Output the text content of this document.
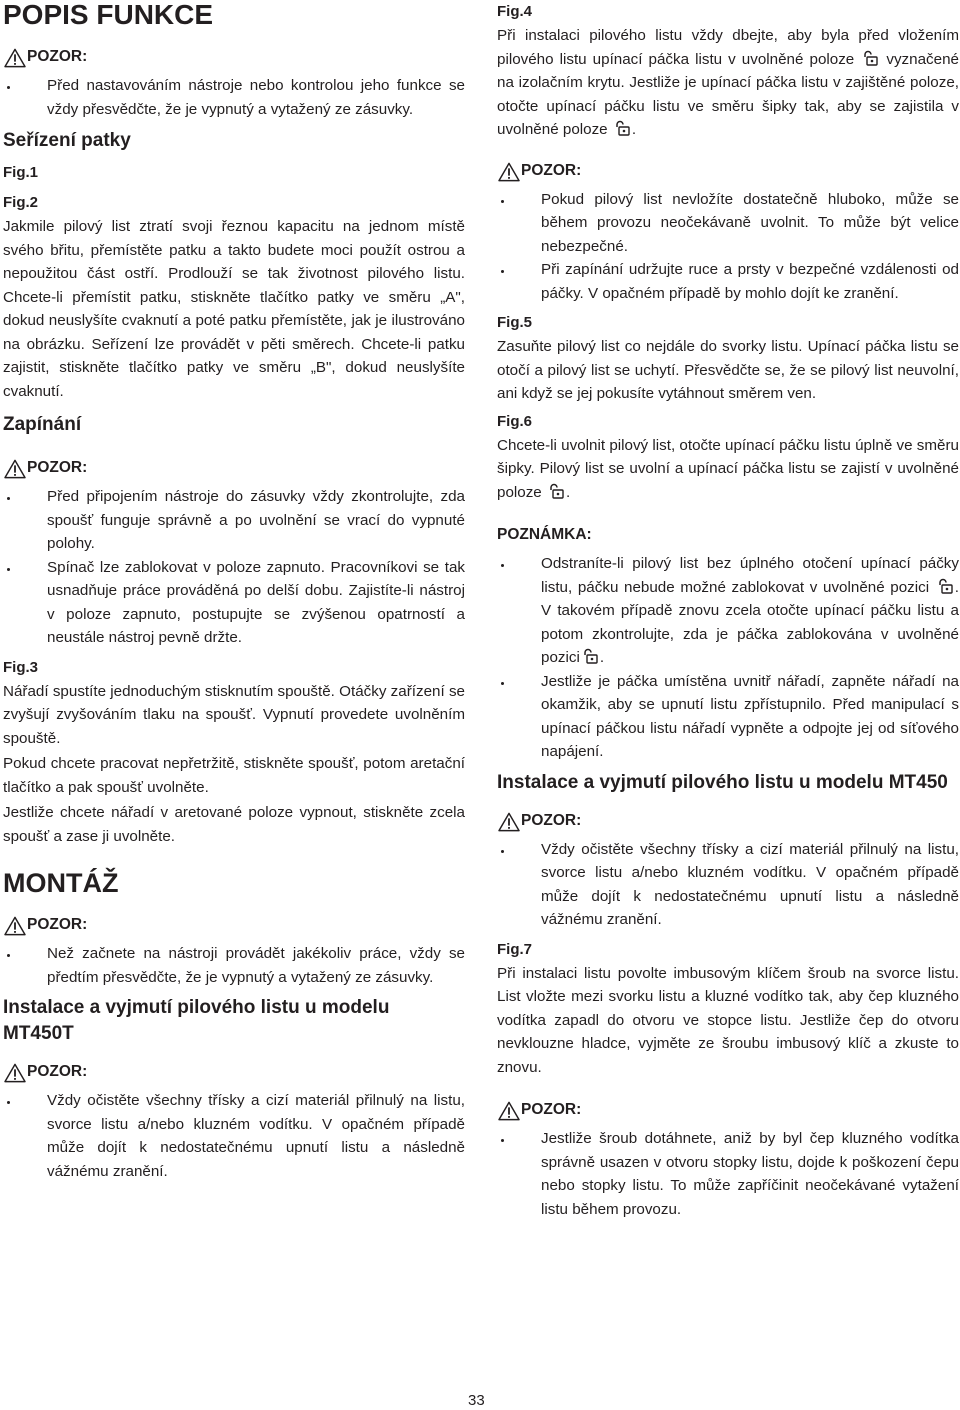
POPIS FUNKCE
POZOR:
Před nastavováním nástroje nebo kontrolou jeho funkce se vždy přesvědčte, že je vypnutý a vytažený ze zásuvky.
Seřízení patky
Fig.1
Fig.2

Jakmile pilový list ztratí svoji řeznou kapacitu na jednom místě svého břitu, přemístěte patku a takto budete moci použít ostrou a nepoužitou část ostří. Prodlouží se tak životnost pilového listu. Chcete-li přemístit patku, stiskněte tlačítko patky ve směru „A", dokud neuslyšíte cvaknutí a poté patku přemístěte, jak je ilustrováno na obrázku. Seřízení lze provádět v pěti směrech. Chcete-li patku zajistit, stiskněte tlačítko patky ve směru „B", dokud neuslyšíte cvaknutí.

Zapínání
POZOR:
Před připojením nástroje do zásuvky vždy zkontrolujte, zda spoušť funguje správně a po uvolnění se vrací do vypnuté polohy.
Spínač lze zablokovat v poloze zapnuto. Pracovníkovi se tak usnadňuje práce prováděná po delší dobu. Zajistíte-li nástroj v poloze zapnuto, postupujte se zvýšenou opatrností a neustále nástroj pevně držte.
Fig.3

Nářadí spustíte jednoduchým stisknutím spouště. Otáčky zařízení se zvyšují zvyšováním tlaku na spoušť. Vypnutí provedete uvolněním spouště.

Pokud chcete pracovat nepřetržitě, stiskněte spoušť, potom aretační tlačítko a pak spoušť uvolněte.

Jestliže chcete nářadí v aretované poloze vypnout, stiskněte zcela spoušť a zase ji uvolněte.

MONTÁŽ
POZOR:
Než začnete na nástroji provádět jakékoliv práce, vždy se předtím přesvědčte, že je vypnutý a vytažený ze zásuvky.
Instalace a vyjmutí pilového listu u modelu MT450T
POZOR:
Vždy očistěte všechny třísky a cizí materiál přilnulý na listu, svorce listu a/nebo kluzném vodítku. V opačném případě může dojít k nedostatečnému upnutí listu a následně vážnému zranění.
Fig.4

Při instalaci pilového listu vždy dbejte, aby byla před vložením pilového listu upínací páčka listu v uvolněné poloze vyznačené na izolačním krytu. Jestliže je upínací páčka listu v zajištěné poloze, otočte upínací páčku listu ve směru šipky tak, aby se zajistila v uvolněné poloze .

POZOR:
Pokud pilový list nevložíte dostatečně hluboko, může se během provozu neočekávaně uvolnit. To může být velice nebezpečné.
Při zapínání udržujte ruce a prsty v bezpečné vzdálenosti od páčky. V opačném případě by mohlo dojít ke zranění.
Fig.5

Zasuňte pilový list co nejdále do svorky listu. Upínací páčka listu se otočí a pilový list se uchytí. Přesvědčte se, že se pilový list neuvolní, ani když se jej pokusíte vytáhnout směrem ven.

Fig.6

Chcete-li uvolnit pilový list, otočte upínací páčku listu úplně ve směru šipky. Pilový list se uvolní a upínací páčka listu se zajistí v uvolněné poloze .

POZNÁMKA:
Odstraníte-li pilový list bez úplného otočení upínací páčky listu, páčku nebude možné zablokovat v uvolněné pozici . V takovém případě znovu zcela otočte upínací páčku listu a potom zkontrolujte, zda je páčka zablokována v uvolněné pozici .
Jestliže je páčka umístěna uvnitř nářadí, zapněte nářadí na okamžik, aby se upnutí listu zpřístupnilo. Před manipulací s upínací páčkou listu nářadí vypněte a odpojte jej od síťového napájení.
Instalace a vyjmutí pilového listu u modelu MT450
POZOR:
Vždy očistěte všechny třísky a cizí materiál přilnulý na listu, svorce listu a/nebo kluzném vodítku. V opačném případě může dojít k nedostatečnému upnutí listu a následně vážnému zranění.
Fig.7

Při instalaci listu povolte imbusovým klíčem šroub na svorce listu. List vložte mezi svorku listu a kluzné vodítko tak, aby čep kluzného vodítka zapadl do otvoru ve stopce listu. Jestliže čep do otvoru nevklouzne hladce, vyjměte ze šroubu imbusový klíč a zkuste to znovu.

POZOR:
Jestliže šroub dotáhnete, aniž by byl čep kluzného vodítka správně usazen v otvoru stopky listu, dojde k poškození čepu nebo stopky listu. To může zapříčinit neočekávané vytažení listu během provozu.
33
